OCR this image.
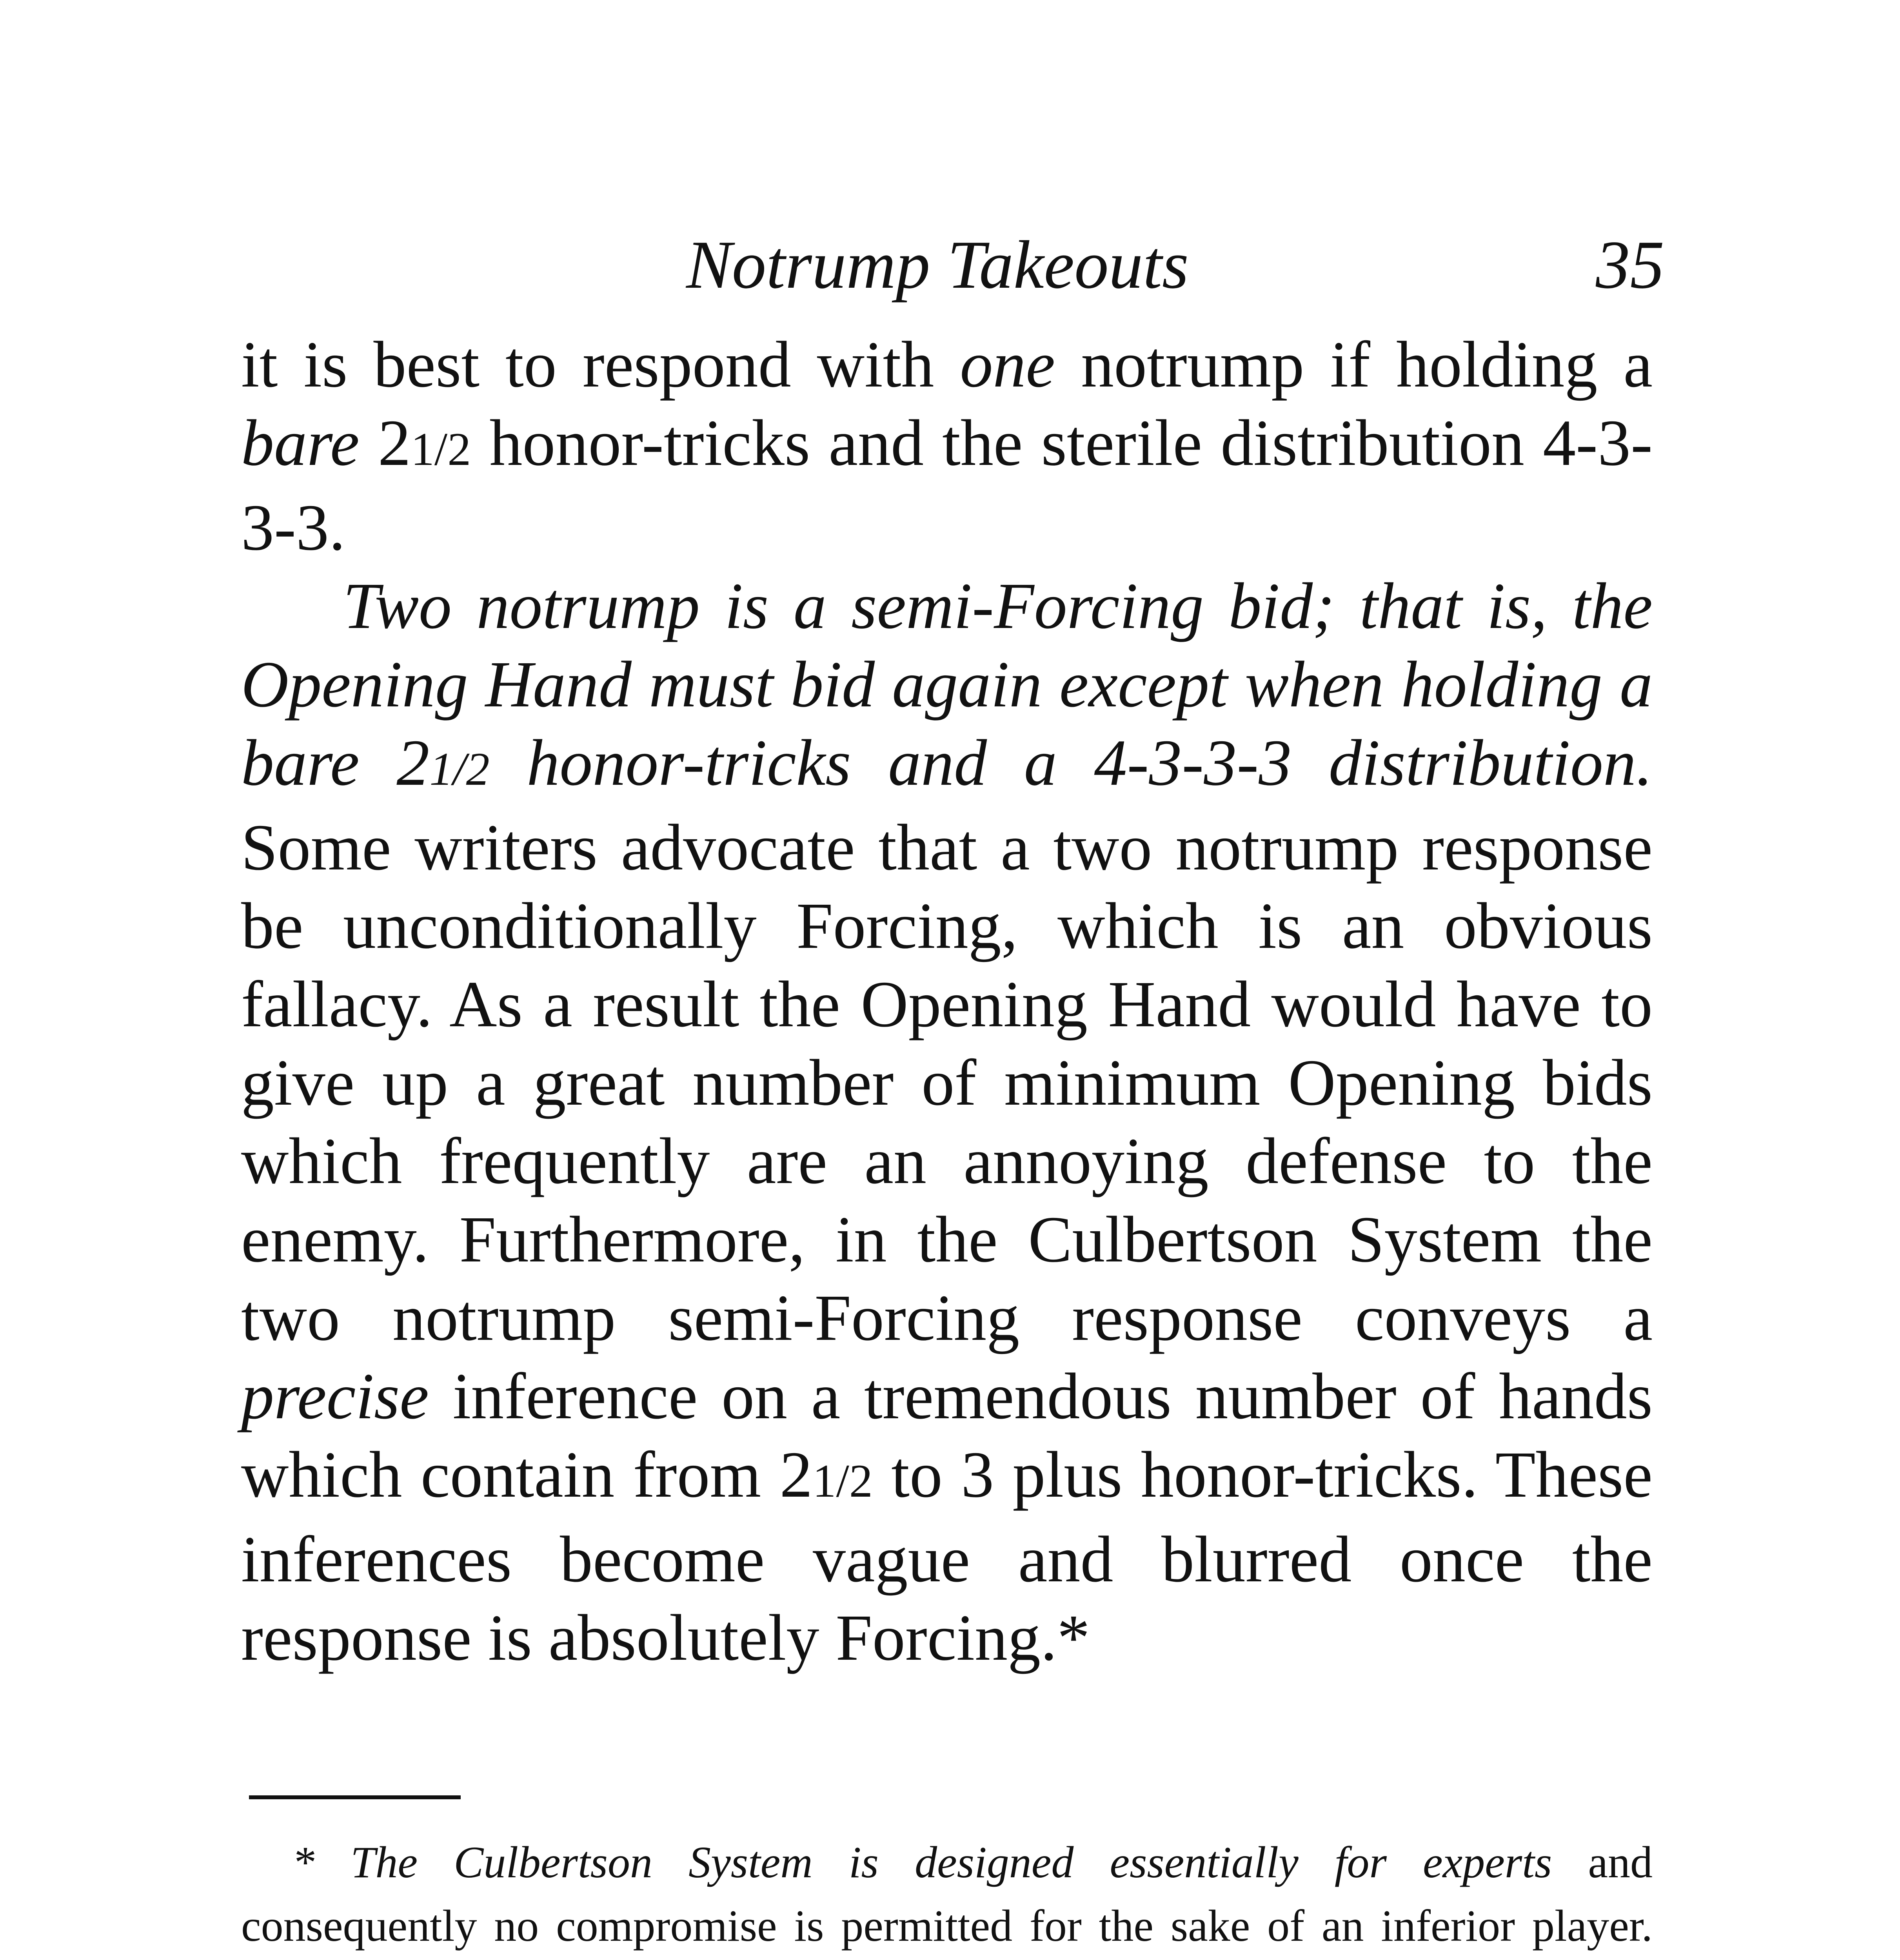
Notrump Takeouts	35

it is best to respond with one notrump if holding a bare 21/2 honor-tricks and the sterile distribution 4-3-3-3.

Two notrump is a semi-Forcing bid; that is, the Opening Hand must bid again except when holding a bare 21/2 honor-tricks and a 4-3-3-3 distribution. Some writers advocate that a two notrump response be unconditionally Forcing, which is an obvious fallacy. As a result the Opening Hand would have to give up a great number of minimum Opening bids which frequently are an annoying defense to the enemy. Furthermore, in the Culbertson System the two notrump semi-Forcing response conveys a precise inference on a tremendous number of hands which contain from 21/2 to 3 plus honor-tricks. These inferences become vague and blurred once the response is absolutely Forcing.*

* The Culbertson System is designed essentially for experts and consequently no compromise is permitted for the sake of an inferior player.
